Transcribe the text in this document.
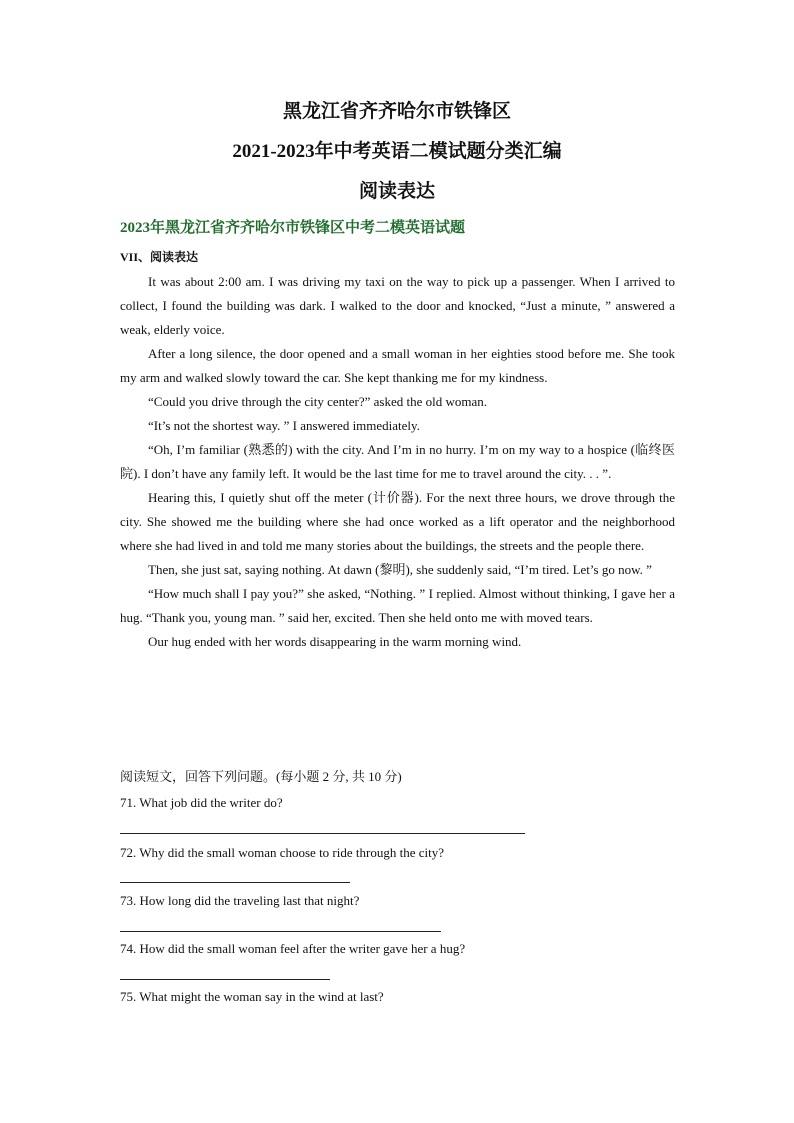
黑龙江省齐齐哈尔市铁锋区
2021-2023年中考英语二模试题分类汇编
阅读表达
2023年黑龙江省齐齐哈尔市铁锋区中考二模英语试题
VII、阅读表达

It was about 2:00 am. I was driving my taxi on the way to pick up a passenger. When I arrived to collect, I found the building was dark. I walked to the door and knocked, “Just a minute, ” answered a weak, elderly voice.

After a long silence, the door opened and a small woman in her eighties stood before me. She took my arm and walked slowly toward the car. She kept thanking me for my kindness.

“Could you drive through the city center?” asked the old woman.

“It’s not the shortest way. ” I answered immediately.

“Oh, I’m familiar (熟悉的) with the city. And I’m in no hurry. I’m on my way to a hospice (临终医院). I don’t have any family left. It would be the last time for me to travel around the city. . . ”.

Hearing this, I quietly shut off the meter (计价器). For the next three hours, we drove through the city. She showed me the building where she had once worked as a lift operator and the neighborhood where she had lived in and told me many stories about the buildings, the streets and the people there.

Then, she just sat, saying nothing. At dawn (黎明), she suddenly said, “I’m tired. Let’s go now. ”

“How much shall I pay you?” she asked, “Nothing. ” I replied. Almost without thinking, I gave her a hug. “Thank you, young man. ” said her, excited. Then she held onto me with moved tears.

Our hug ended with her words disappearing in the warm morning wind.

阅读短文，回答下列问题。(每小题 2 分, 共 10 分)
71. What job did the writer do?
72. Why did the small woman choose to ride through the city?
73. How long did the traveling last that night?
74. How did the small woman feel after the writer gave her a hug?
75. What might the woman say in the wind at last?
